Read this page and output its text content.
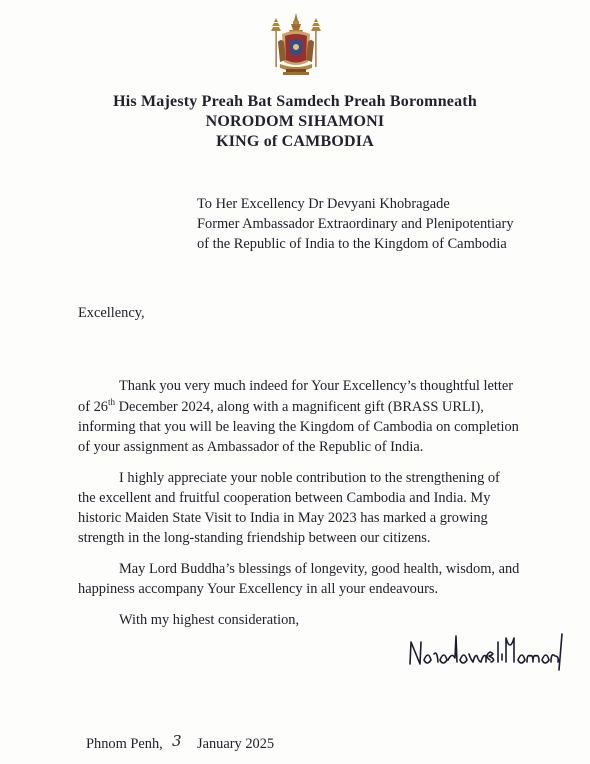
His Majesty Preah Bat Samdech Preah Boromneath
NORODOM SIHAMONI
KING of CAMBODIA
To Her Excellency Dr Devyani Khobragade
Former Ambassador Extraordinary and Plenipotentiary
of the Republic of India to the Kingdom of Cambodia
Excellency,
Thank you very much indeed for Your Excellency’s thoughtful letter
of 26th December 2024, along with a magnificent gift (BRASS URLI),
informing that you will be leaving the Kingdom of Cambodia on completion
of your assignment as Ambassador of the Republic of India.
I highly appreciate your noble contribution to the strengthening of
the excellent and fruitful cooperation between Cambodia and India. My
historic Maiden State Visit to India in May 2023 has marked a growing
strength in the long-standing friendship between our citizens.
May Lord Buddha’s blessings of longevity, good health, wisdom, and
happiness accompany Your Excellency in all your endeavours.
With my highest consideration,
Phnom Penh, 3 January 2025
